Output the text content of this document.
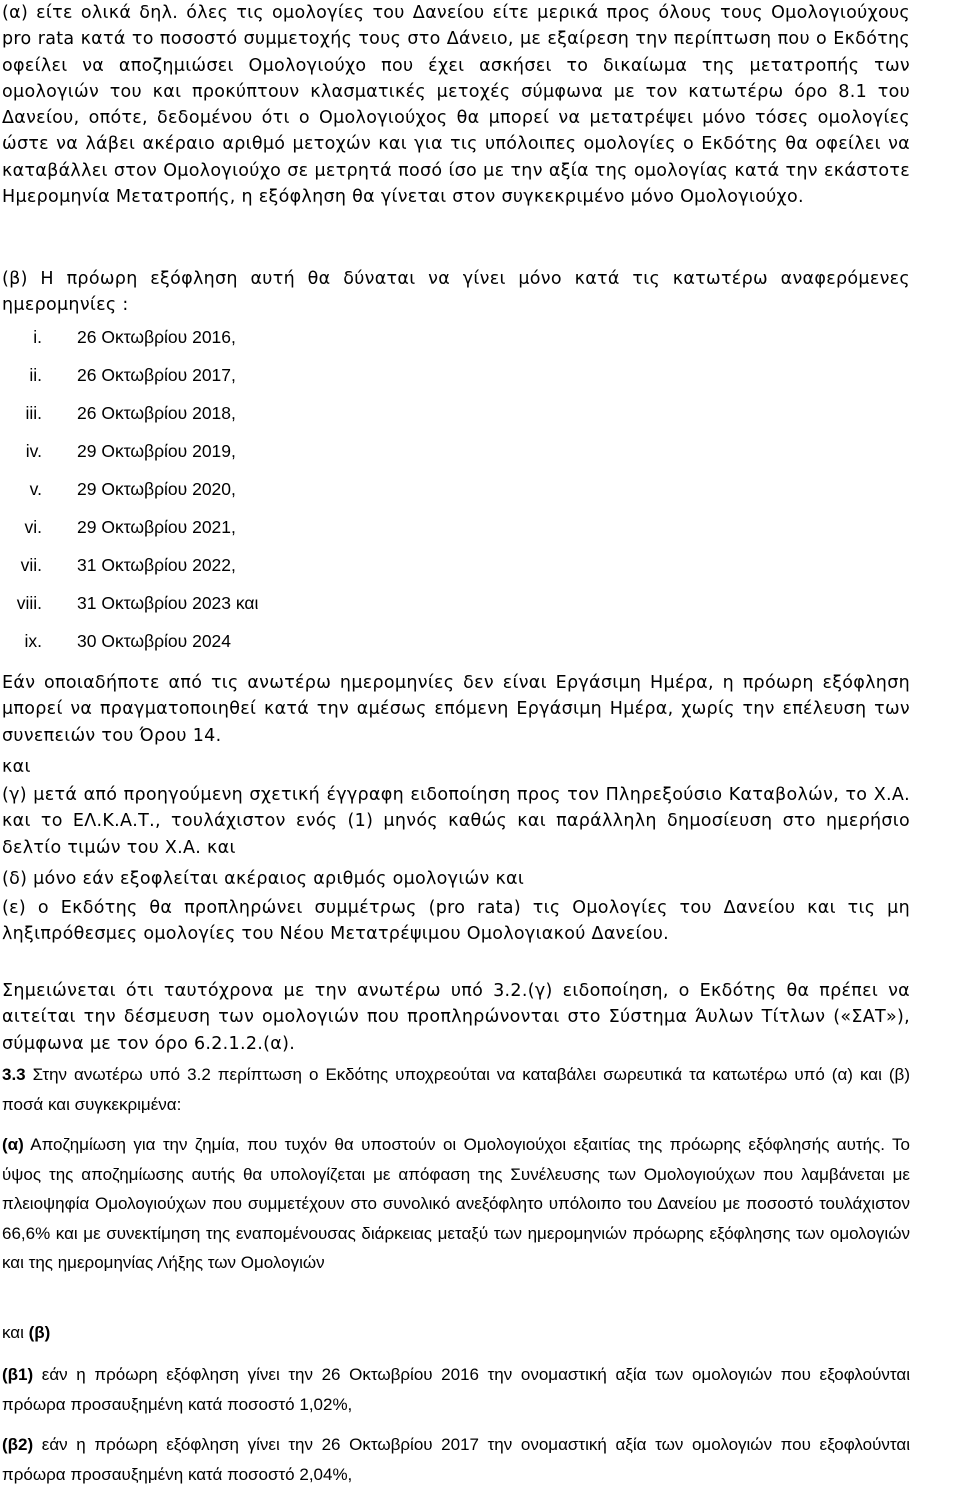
(α) είτε ολικά δηλ. όλες τις ομολογίες του Δανείου είτε μερικά προς όλους τους Ομολογιούχους pro rata κατά το ποσοστό συμμετοχής τους στο Δάνειο, με εξαίρεση την περίπτωση που ο Εκδότης οφείλει να αποζημιώσει Ομολογιούχο που έχει ασκήσει το δικαίωμα της μετατροπής των ομολογιών του και προκύπτουν κλασματικές μετοχές σύμφωνα με τον κατωτέρω όρο 8.1 του Δανείου, οπότε, δεδομένου ότι ο Ομολογιούχος θα μπορεί να μετατρέψει μόνο τόσες ομολογίες ώστε να λάβει ακέραιο αριθμό μετοχών και για τις υπόλοιπες ομολογίες ο Εκδότης θα οφείλει να καταβάλλει στον Ομολογιούχο σε μετρητά ποσό ίσο με την αξία της ομολογίας κατά την εκάστοτε Ημερομηνία Μετατροπής, η εξόφληση θα γίνεται στον συγκεκριμένο μόνο Ομολογιούχο.

(β) Η πρόωρη εξόφληση αυτή θα δύναται να γίνει μόνο κατά τις κατωτέρω αναφερόμενες ημερομηνίες :

i. 26 Οκτωβρίου 2016,
ii. 26 Οκτωβρίου 2017,
iii. 26 Οκτωβρίου 2018,
iv. 29 Οκτωβρίου 2019,
v. 29 Οκτωβρίου 2020,
vi. 29 Οκτωβρίου 2021,
vii. 31 Οκτωβρίου 2022,
viii. 31 Οκτωβρίου 2023 και
ix. 30 Οκτωβρίου 2024

Εάν οποιαδήποτε από τις ανωτέρω ημερομηνίες δεν είναι Εργάσιμη Ημέρα, η πρόωρη εξόφληση μπορεί να πραγματοποιηθεί κατά την αμέσως επόμενη Εργάσιμη Ημέρα, χωρίς την επέλευση των συνεπειών του Όρου 14.

και

(γ) μετά από προηγούμενη σχετική έγγραφη ειδοποίηση προς τον Πληρεξούσιο Καταβολών, το Χ.Α. και το ΕΛ.Κ.Α.Τ., τουλάχιστον ενός (1) μηνός καθώς και παράλληλη δημοσίευση στο ημερήσιο δελτίο τιμών του Χ.Α. και

(δ) μόνο εάν εξοφλείται ακέραιος αριθμός ομολογιών και

(ε) ο Εκδότης θα προπληρώνει συμμέτρως (pro rata) τις Ομολογίες του Δανείου και τις μη ληξιπρόθεσμες ομολογίες του Νέου Μετατρέψιμου Ομολογιακού Δανείου.

Σημειώνεται ότι ταυτόχρονα με την ανωτέρω υπό 3.2.(γ) ειδοποίηση, ο Εκδότης θα πρέπει να αιτείται την δέσμευση των ομολογιών που προπληρώνονται στο Σύστημα Άυλων Τίτλων («ΣΑΤ»), σύμφωνα με τον όρο 6.2.1.2.(α).

3.3 Στην ανωτέρω υπό 3.2 περίπτωση ο Εκδότης υποχρεούται να καταβάλει σωρευτικά τα κατωτέρω υπό (α) και (β) ποσά και συγκεκριμένα:

(α) Αποζημίωση για την ζημία, που τυχόν θα υποστούν οι Ομολογιούχοι εξαιτίας της πρόωρης εξόφλησής αυτής. Το ύψος της αποζημίωσης αυτής θα υπολογίζεται με απόφαση της Συνέλευσης των Ομολογιούχων που λαμβάνεται με πλειοψηφία Ομολογιούχων που συμμετέχουν στο συνολικό ανεξόφλητο υπόλοιπο του Δανείου με ποσοστό τουλάχιστον 66,6% και με συνεκτίμηση της εναπομένουσας διάρκειας μεταξύ των ημερομηνιών πρόωρης εξόφλησης των ομολογιών και της ημερομηνίας Λήξης των Ομολογιών

και (β)

(β1) εάν η πρόωρη εξόφληση γίνει την 26 Οκτωβρίου 2016 την ονομαστική αξία των ομολογιών που εξοφλούνται πρόωρα προσαυξημένη κατά ποσοστό 1,02%,

(β2) εάν η πρόωρη εξόφληση γίνει την 26 Οκτωβρίου 2017 την ονομαστική αξία των ομολογιών που εξοφλούνται πρόωρα προσαυξημένη κατά ποσοστό 2,04%,
